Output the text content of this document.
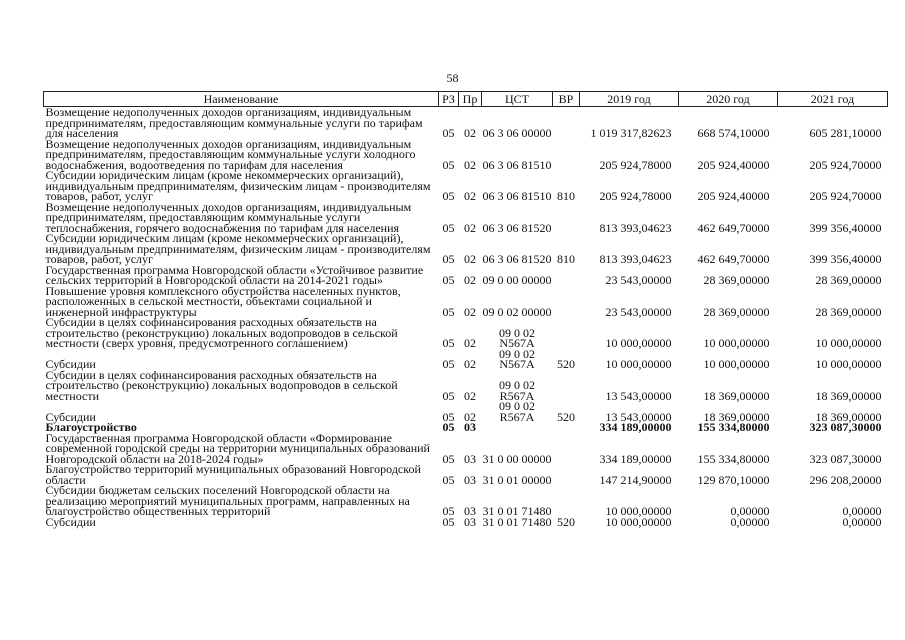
58
Наименование	РЗ	Пр	ЦСТ	ВР	2019 год	2020 год	2021 год
Возмещение недополученных доходов организациям, индивидуальным предпринимателям, предоставляющим коммунальные услуги по тарифам для населения	05	02	06 3 06 00000		1 019 317,82623	668 574,10000	605 281,10000
Возмещение недополученных доходов организациям, индивидуальным предпринимателям, предоставляющим коммунальные услуги холодного водоснабжения, водоотведения по тарифам для населения	05	02	06 3 06 81510		205 924,78000	205 924,40000	205 924,70000
Субсидии юридическим лицам (кроме некоммерческих организаций), индивидуальным предпринимателям, физическим лицам - производителям товаров, работ, услуг	05	02	06 3 06 81510	810	205 924,78000	205 924,40000	205 924,70000
Возмещение недополученных доходов организациям, индивидуальным предпринимателям, предоставляющим коммунальные услуги теплоснабжения, горячего водоснабжения по тарифам для населения	05	02	06 3 06 81520		813 393,04623	462 649,70000	399 356,40000
Субсидии юридическим лицам (кроме некоммерческих организаций), индивидуальным предпринимателям, физическим лицам - производителям товаров, работ, услуг	05	02	06 3 06 81520	810	813 393,04623	462 649,70000	399 356,40000
Государственная программа Новгородской области «Устойчивое развитие сельских территорий в Новгородской области на 2014-2021 годы»	05	02	09 0 00 00000		23 543,00000	28 369,00000	28 369,00000
Повышение уровня комплексного обустройства населенных пунктов, расположенных в сельской местности, объектами социальной и инженерной инфраструктуры	05	02	09 0 02 00000		23 543,00000	28 369,00000	28 369,00000
Субсидии в целях софинансирования расходных обязательств на строительство (реконструкцию) локальных водопроводов в сельской местности (сверх уровня, предусмотренного соглашением)	05	02	09 0 02 N567A		10 000,00000	10 000,00000	10 000,00000
Субсидии	05	02	09 0 02 N567A	520	10 000,00000	10 000,00000	10 000,00000
Субсидии в целях софинансирования расходных обязательств на строительство (реконструкцию) локальных водопроводов в сельской местности	05	02	09 0 02 R567A		13 543,00000	18 369,00000	18 369,00000
Субсидии	05	02	09 0 02 R567A	520	13 543,00000	18 369,00000	18 369,00000
Благоустройство	05	03			334 189,00000	155 334,80000	323 087,30000
Государственная программа Новгородской области «Формирование современной городской среды на территории муниципальных образований Новгородской области на 2018-2024 годы»	05	03	31 0 00 00000		334 189,00000	155 334,80000	323 087,30000
Благоустройство территорий муниципальных образований Новгородской области	05	03	31 0 01 00000		147 214,90000	129 870,10000	296 208,20000
Субсидии бюджетам сельских поселений Новгородской области на реализацию мероприятий муниципальных программ, направленных на благоустройство общественных территорий	05	03	31 0 01 71480		10 000,00000	0,00000	0,00000
Субсидии	05	03	31 0 01 71480	520	10 000,00000	0,00000	0,00000
